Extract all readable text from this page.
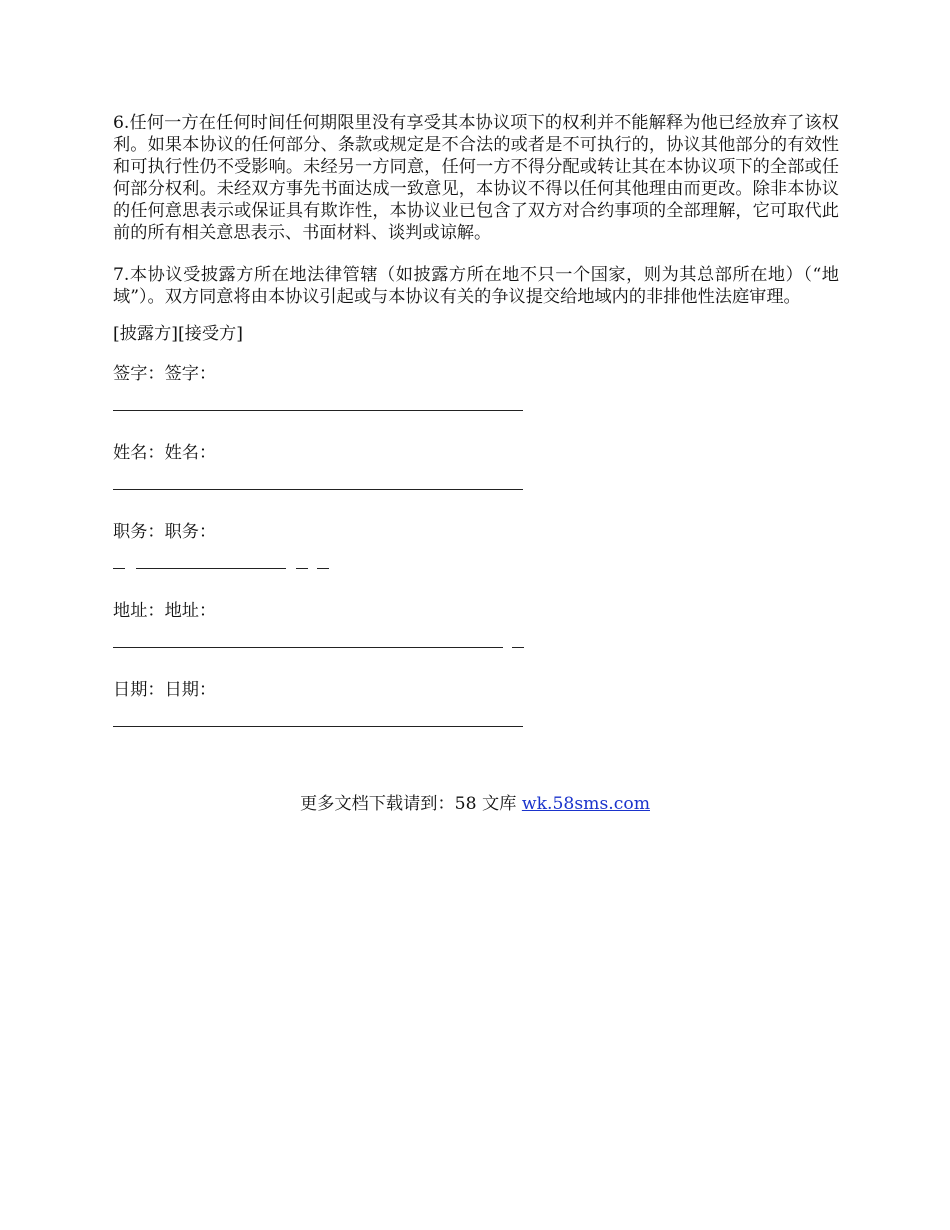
6.任何一方在任何时间任何期限里没有享受其本协议项下的权利并不能解释为他已经放弃了该权利。如果本协议的任何部分、条款或规定是不合法的或者是不可执行的，协议其他部分的有效性和可执行性仍不受影响。未经另一方同意，任何一方不得分配或转让其在本协议项下的全部或任何部分权利。未经双方事先书面达成一致意见，本协议不得以任何其他理由而更改。除非本协议的任何意思表示或保证具有欺诈性，本协议业已包含了双方对合约事项的全部理解，它可取代此前的所有相关意思表示、书面材料、谈判或谅解。

7.本协议受披露方所在地法律管辖（如披露方所在地不只一个国家，则为其总部所在地）（“地域”）。双方同意将由本协议引起或与本协议有关的争议提交给地域内的非排他性法庭审理。

[披露方][接受方]

签字：签字：

姓名：姓名：

职务：职务：

地址：地址：

日期：日期：

更多文档下载请到：58 文库 wk.58sms.com
